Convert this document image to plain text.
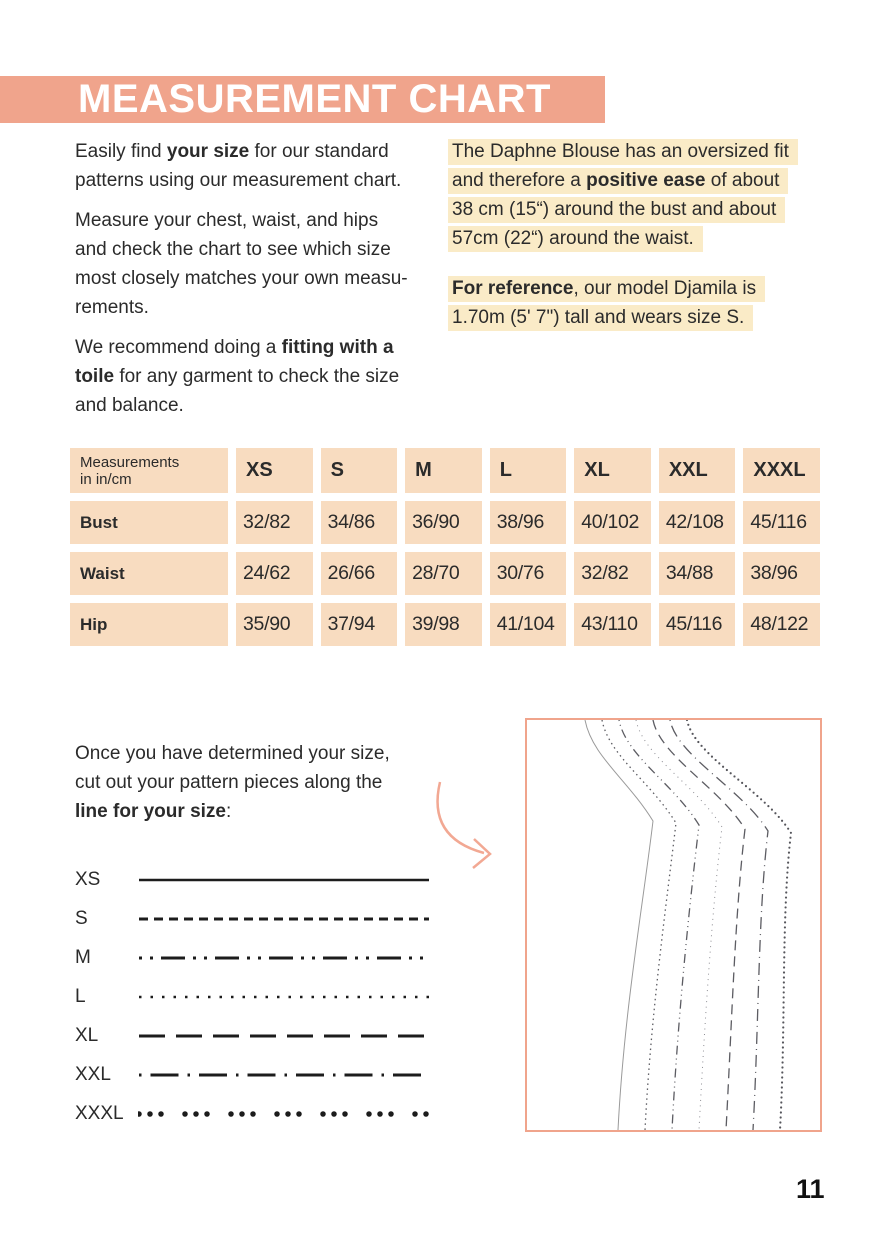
MEASUREMENT CHART
Easily find your size for our standard
patterns using our measurement chart.
Measure your chest, waist, and hips
and check the chart to see which size
most closely matches your own measu-
rements.
We recommend doing a fitting with a
toile for any garment to check the size
and balance.
The Daphne Blouse has an oversized fit
and therefore a positive ease of about
38 cm (15“) around the bust and about
57cm (22“) around the waist.
For reference, our model Djamila is
1.70m (5' 7") tall and wears size S.
Measurements
in in/cm	XS	S	M	L	XL	XXL	XXXL
Bust	32/82	34/86	36/90	38/96	40/102	42/108	45/116
Waist	24/62	26/66	28/70	30/76	32/82	34/88	38/96
Hip	35/90	37/94	39/98	41/104	43/110	45/116	48/122
Once you have determined your size,
cut out your pattern pieces along the
line for your size:
XS
S
M
L
XL
XXL
XXXL
11
